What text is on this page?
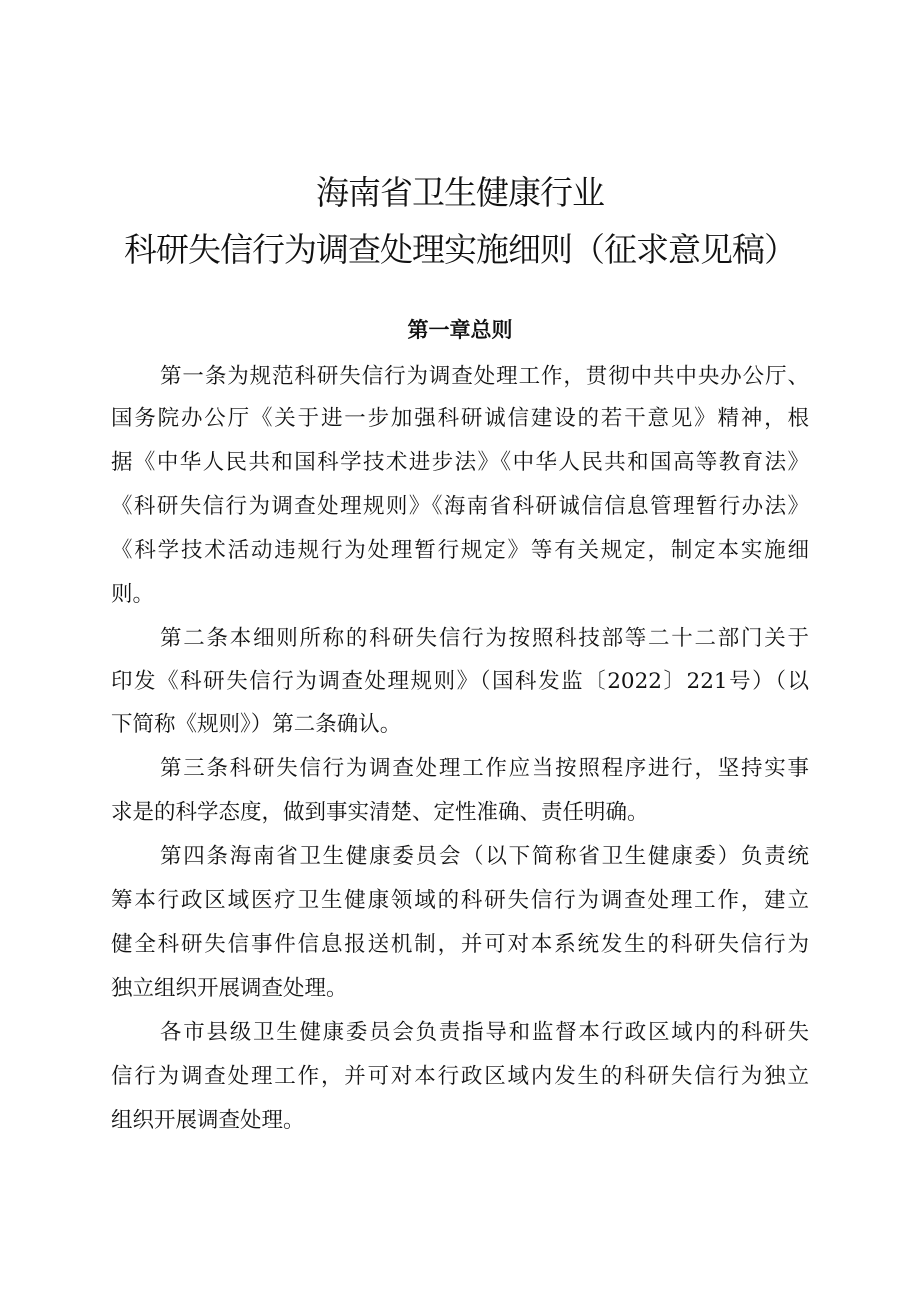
海南省卫生健康行业
科研失信行为调查处理实施细则（征求意见稿）
第一章总则

第一条为规范科研失信行为调查处理工作，贯彻中共中央办公厅、

国务院办公厅《关于进一步加强科研诚信建设的若干意见》精神，根

据《中华人民共和国科学技术进步法》《中华人民共和国高等教育法》

《科研失信行为调查处理规则》《海南省科研诚信信息管理暂行办法》

《科学技术活动违规行为处理暂行规定》等有关规定，制定本实施细

则。

第二条本细则所称的科研失信行为按照科技部等二十二部门关于

印发《科研失信行为调查处理规则》（国科发监〔2022〕221号）（以

下简称《规则》）第二条确认。

第三条科研失信行为调查处理工作应当按照程序进行，坚持实事

求是的科学态度，做到事实清楚、定性准确、责任明确。

第四条海南省卫生健康委员会（以下简称省卫生健康委）负责统

筹本行政区域医疗卫生健康领域的科研失信行为调查处理工作，建立

健全科研失信事件信息报送机制，并可对本系统发生的科研失信行为

独立组织开展调查处理。

各市县级卫生健康委员会负责指导和监督本行政区域内的科研失

信行为调查处理工作，并可对本行政区域内发生的科研失信行为独立

组织开展调查处理。
